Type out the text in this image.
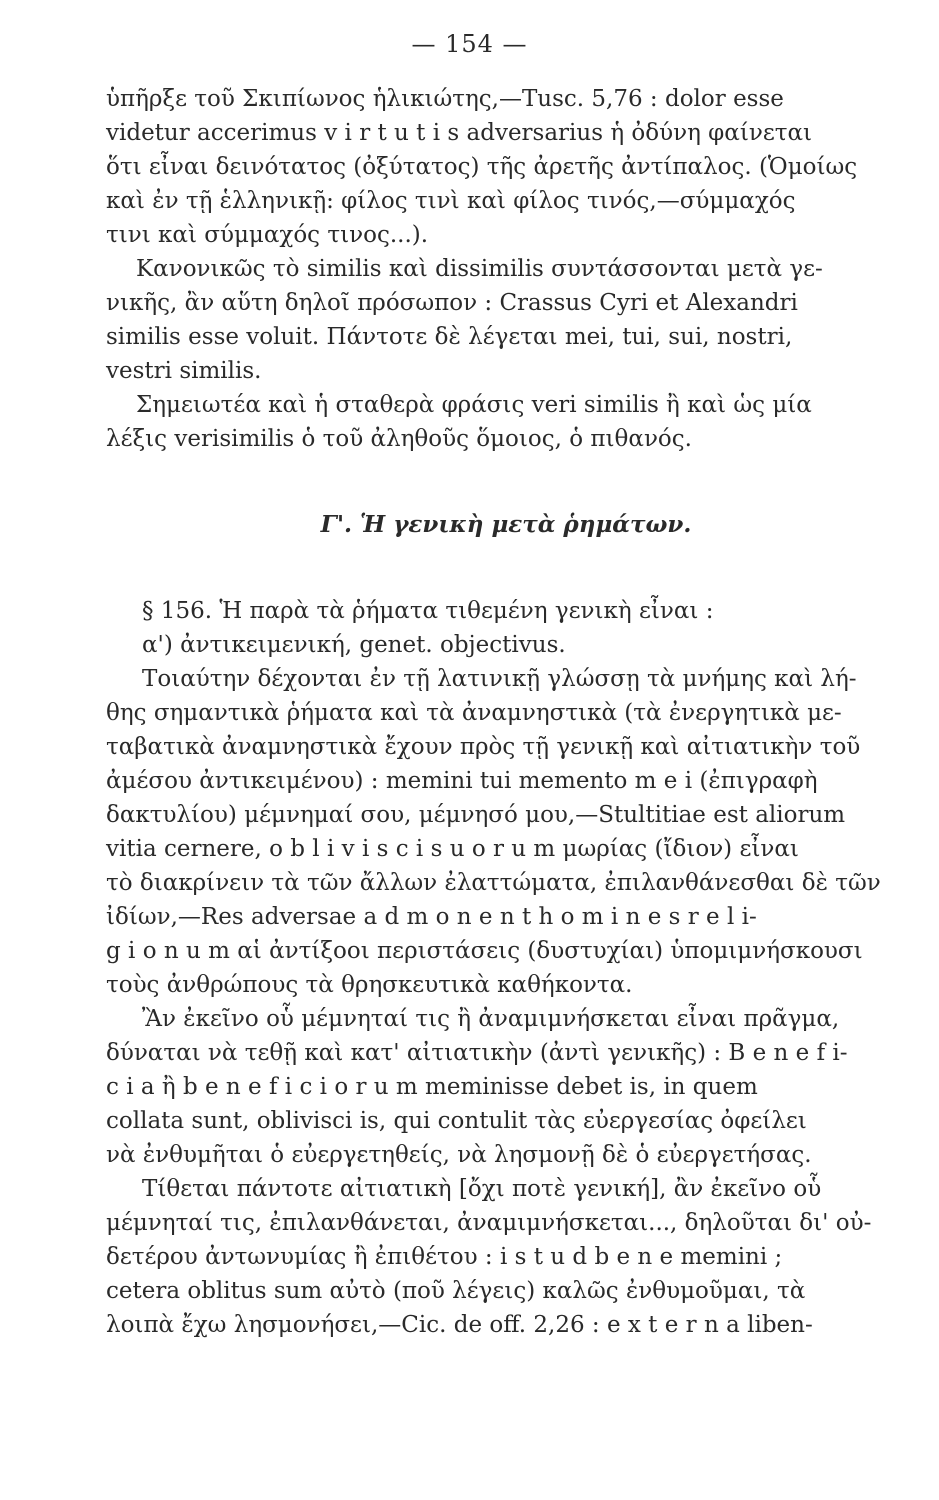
— 154 —
ὑπῆρξε τοῦ Σκιπίωνος ἡλικιώτης,—Tusc. 5,76 : dolor esse
videtur accerimus v i r t u t i s adversarius ἡ ὀδύνη φαίνεται
ὅτι εἶναι δεινότατος (ὀξύτατος) τῆς ἀρετῆς ἀντίπαλος. (Ὁμοίως
καὶ ἐν τῇ ἑλληνικῇ: φίλος τινὶ καὶ φίλος τινός,—σύμμαχός
τινι καὶ σύμμαχός τινος...).
Κανονικῶς τὸ similis καὶ dissimilis συντάσσονται μετὰ γε-
νικῆς, ἂν αὕτη δηλοῖ πρόσωπον : Crassus Cyri et Alexandri
similis esse voluit. Πάντοτε δὲ λέγεται mei, tui, sui, nostri,
vestri similis.
Σημειωτέα καὶ ἡ σταθερὰ φράσις veri similis ἢ καὶ ὡς μία
λέξις verisimilis ὁ τοῦ ἀληθοῦς ὅμοιος, ὁ πιθανός.
Γ'. Ἡ γενικὴ μετὰ ῥημάτων.
§ 156. Ἡ παρὰ τὰ ῥήματα τιθεμένη γενικὴ εἶναι :
α') ἀντικειμενική, genet. objectivus.
Τοιαύτην δέχονται ἐν τῇ λατινικῇ γλώσσῃ τὰ μνήμης καὶ λή-
θης σημαντικὰ ῥήματα καὶ τὰ ἀναμνηστικὰ (τὰ ἐνεργητικὰ με-
ταβατικὰ ἀναμνηστικὰ ἔχουν πρὸς τῇ γενικῇ καὶ αἰτιατικὴν τοῦ
ἀμέσου ἀντικειμένου) : memini tui memento m e i (ἐπιγραφὴ
δακτυλίου) μέμνημαί σου, μέμνησό μου,—Stultitiae est aliorum
vitia cernere, o b l i v i s c i s u o r u m μωρίας (ἴδιον) εἶναι
τὸ διακρίνειν τὰ τῶν ἄλλων ἐλαττώματα, ἐπιλανθάνεσθαι δὲ τῶν
ἰδίων,—Res adversae a d m o n e n t h o m i n e s r e l i-
g i o n u m αἱ ἀντίξοοι περιστάσεις (δυστυχίαι) ὑπομιμνήσκουσι
τοὺς ἀνθρώπους τὰ θρησκευτικὰ καθήκοντα.
Ἂν ἐκεῖνο οὗ μέμνηταί τις ἢ ἀναμιμνήσκεται εἶναι πρᾶγμα,
δύναται νὰ τεθῇ καὶ κατ' αἰτιατικὴν (ἀντὶ γενικῆς) : B e n e f i-
c i a ἢ b e n e f i c i o r u m meminisse debet is, in quem
collata sunt, oblivisci is, qui contulit τὰς εὐεργεσίας ὀφείλει
νὰ ἐνθυμῆται ὁ εὐεργετηθείς, νὰ λησμονῇ δὲ ὁ εὐεργετήσας.
Τίθεται πάντοτε αἰτιατικὴ [ὄχι ποτὲ γενική], ἂν ἐκεῖνο οὗ
μέμνηταί τις, ἐπιλανθάνεται, ἀναμιμνήσκεται..., δηλοῦται δι' οὐ-
δετέρου ἀντωνυμίας ἢ ἐπιθέτου : i s t u d b e n e memini ;
cetera oblitus sum αὐτὸ (ποῦ λέγεις) καλῶς ἐνθυμοῦμαι, τὰ
λοιπὰ ἔχω λησμονήσει,—Cic. de off. 2,26 : e x t e r n a liben-
